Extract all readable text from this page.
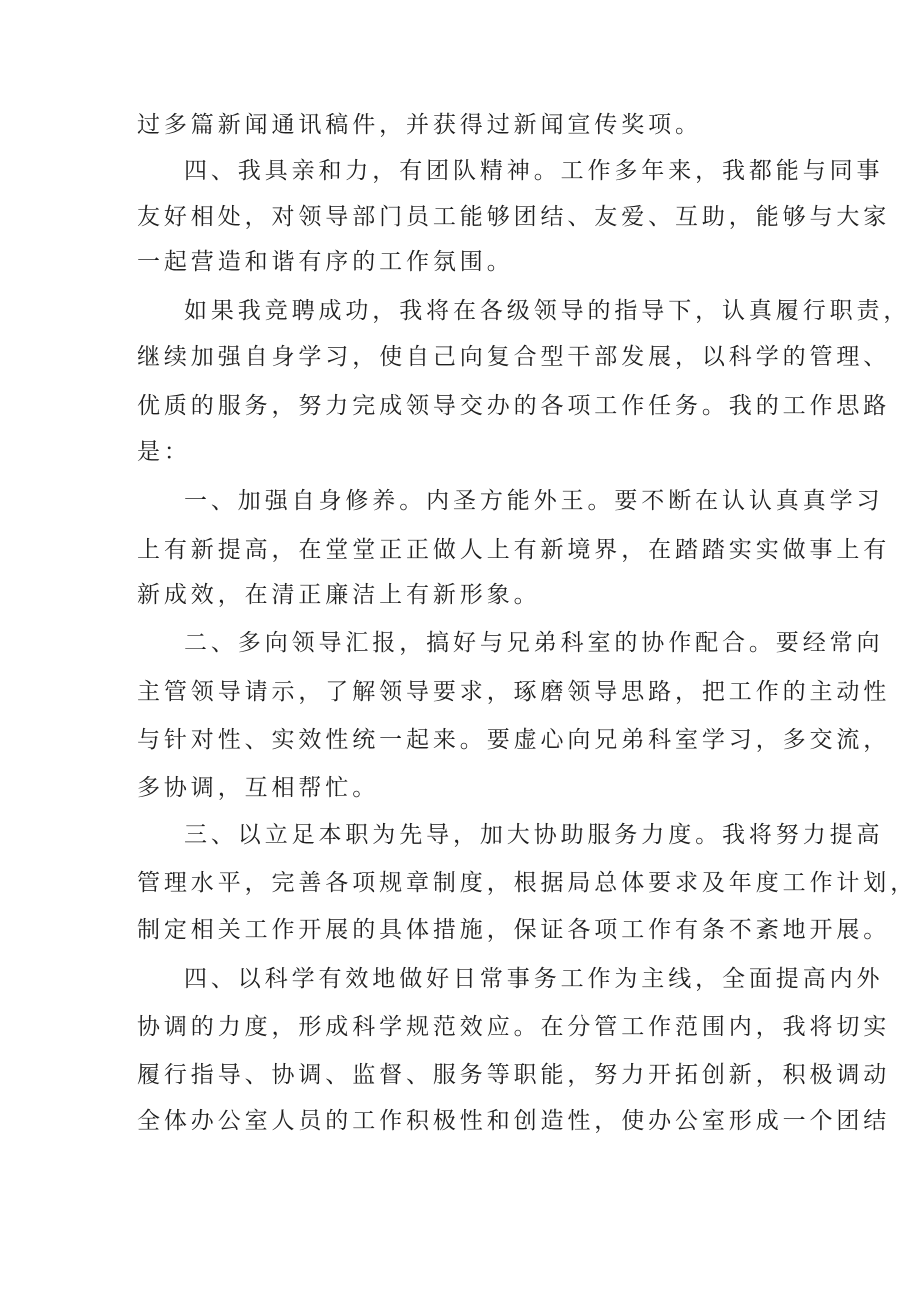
过多篇新闻通讯稿件，并获得过新闻宣传奖项。
四、我具亲和力，有团队精神。工作多年来，我都能与同事
友好相处，对领导部门员工能够团结、友爱、互助，能够与大家
一起营造和谐有序的工作氛围。
如果我竞聘成功，我将在各级领导的指导下，认真履行职责，
继续加强自身学习，使自己向复合型干部发展，以科学的管理、
优质的服务，努力完成领导交办的各项工作任务。我的工作思路
是：
一、加强自身修养。内圣方能外王。要不断在认认真真学习
上有新提高，在堂堂正正做人上有新境界，在踏踏实实做事上有
新成效，在清正廉洁上有新形象。
二、多向领导汇报，搞好与兄弟科室的协作配合。要经常向
主管领导请示，了解领导要求，琢磨领导思路，把工作的主动性
与针对性、实效性统一起来。要虚心向兄弟科室学习，多交流，
多协调，互相帮忙。
三、以立足本职为先导，加大协助服务力度。我将努力提高
管理水平，完善各项规章制度，根据局总体要求及年度工作计划，
制定相关工作开展的具体措施，保证各项工作有条不紊地开展。
四、以科学有效地做好日常事务工作为主线，全面提高内外
协调的力度，形成科学规范效应。在分管工作范围内，我将切实
履行指导、协调、监督、服务等职能，努力开拓创新，积极调动
全体办公室人员的工作积极性和创造性，使办公室形成一个团结
